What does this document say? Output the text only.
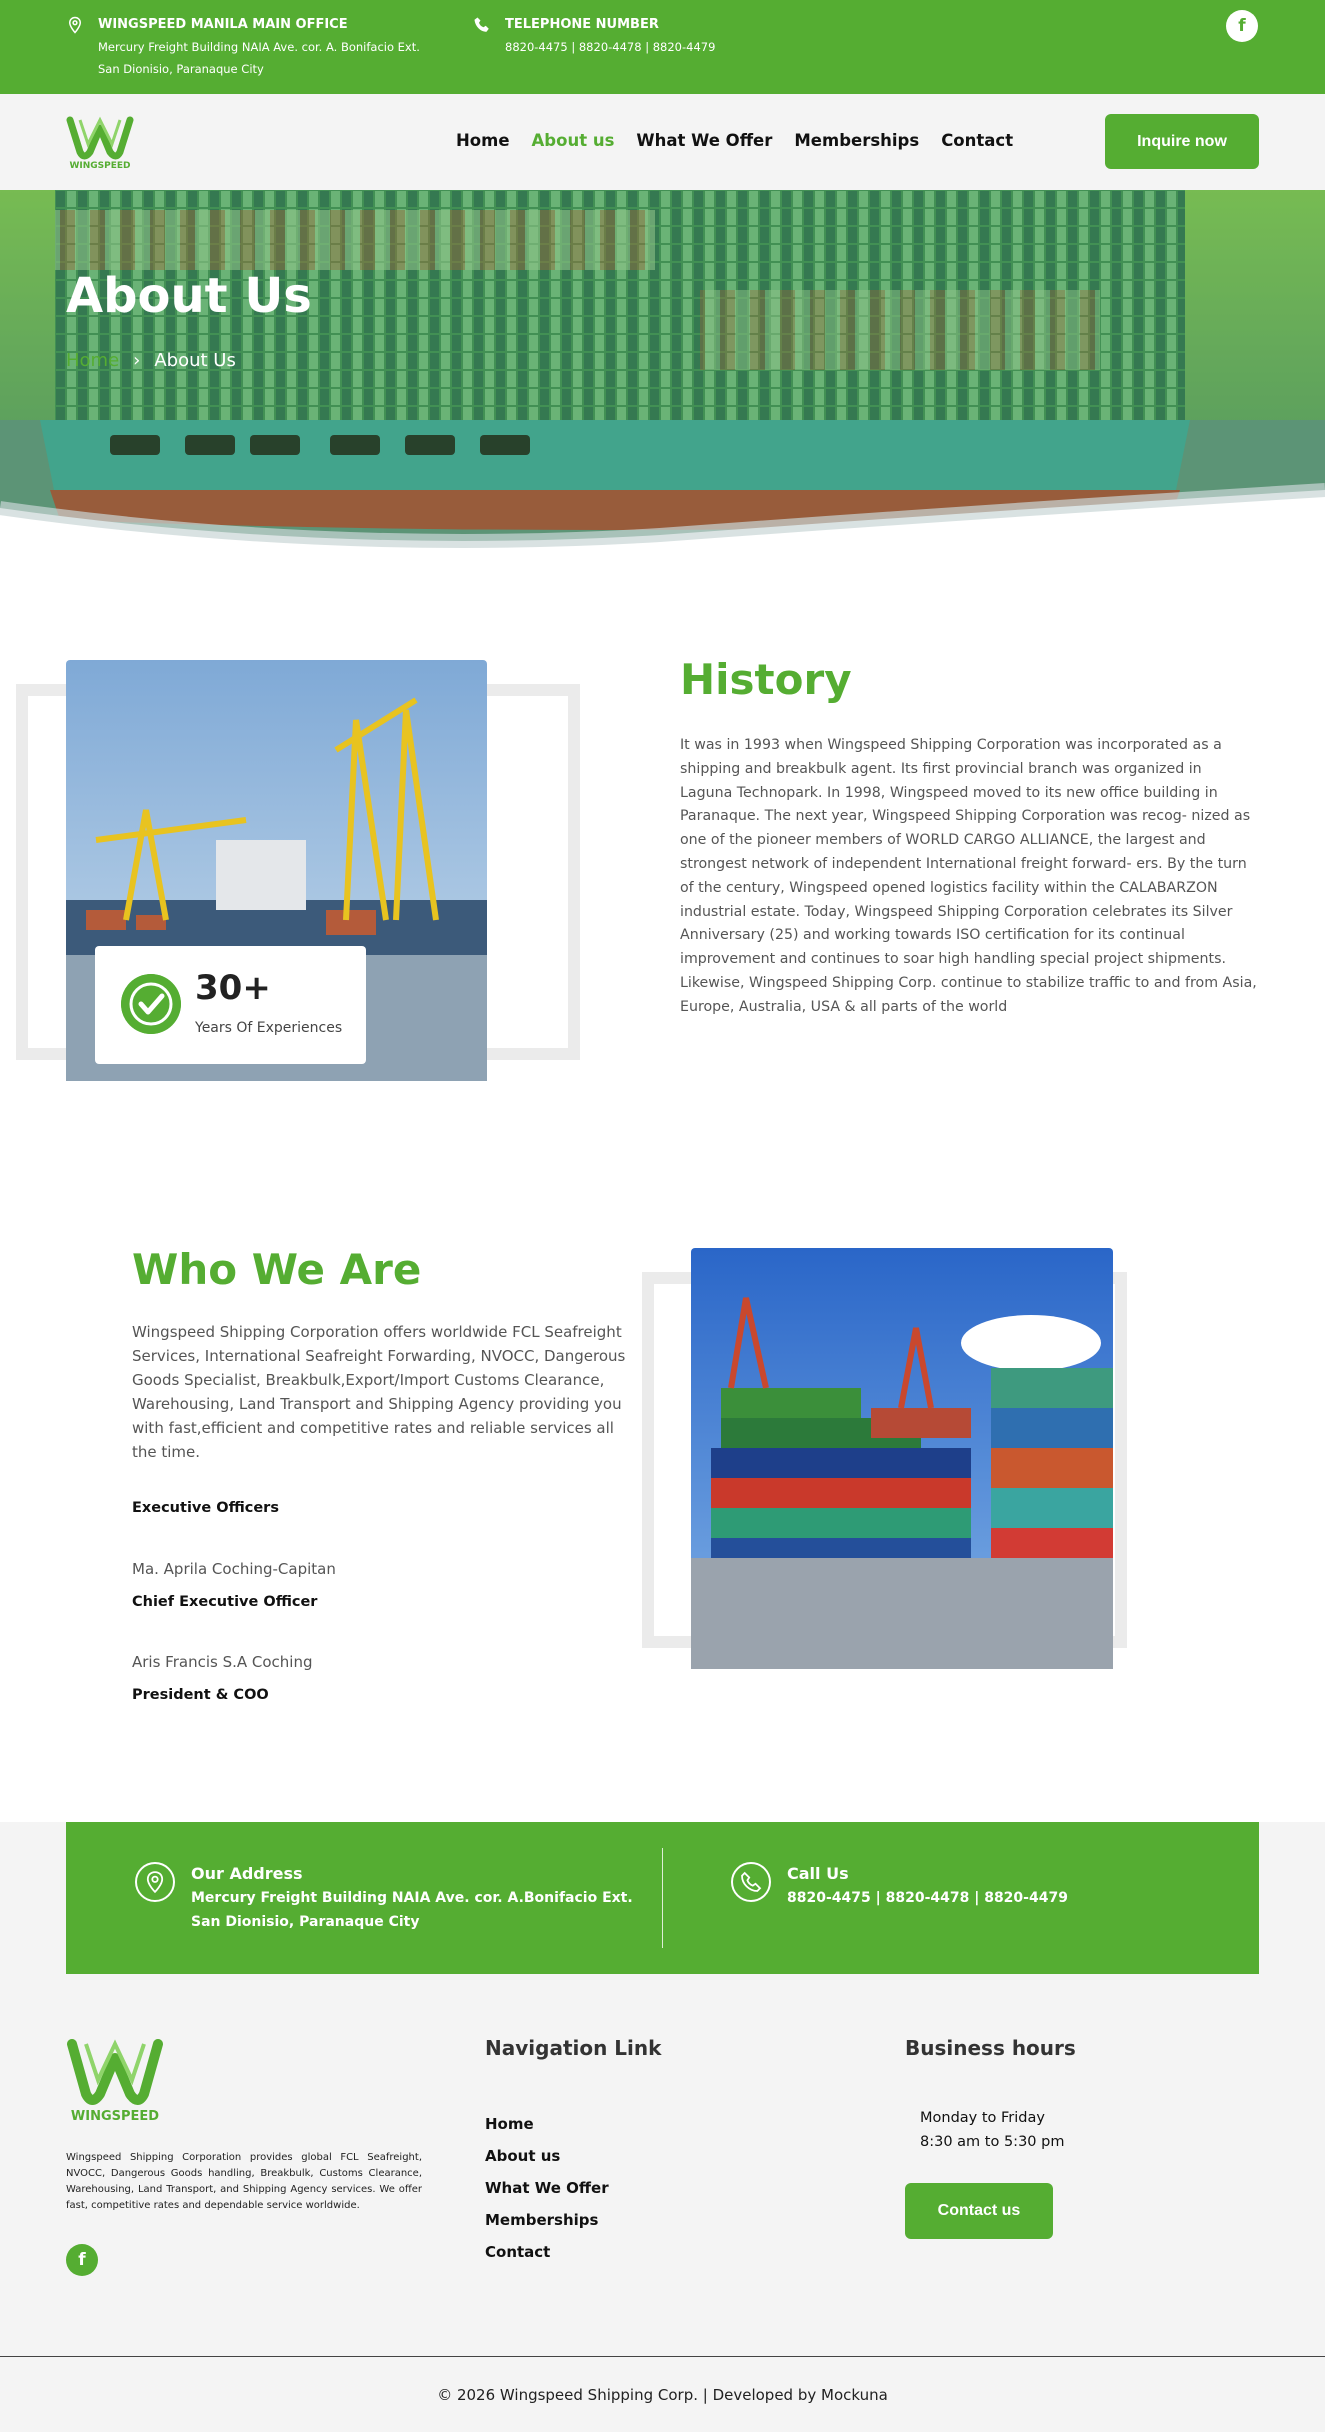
WINGSPEED MANILA MAIN OFFICE
Mercury Freight Building NAIA Ave. cor. A. Bonifacio Ext.
San Dionisio, Paranaque City
TELEPHONE NUMBER
8820-4475 | 8820-4478 | 8820-4479
f
WINGSPEED
Home About us What We Offer Memberships Contact	Inquire now
About Us
Home › About Us
30+
Years Of Experiences
History
It was in 1993 when Wingspeed Shipping Corporation was incorporated as a shipping and breakbulk agent. Its first provincial branch was organized in Laguna Technopark. In 1998, Wingspeed moved to its new office building in Paranaque. The next year, Wingspeed Shipping Corporation was recog- nized as one of the pioneer members of WORLD CARGO ALLIANCE, the largest and strongest network of independent International freight forward- ers. By the turn of the century, Wingspeed opened logistics facility within the CALABARZON industrial estate. Today, Wingspeed Shipping Corporation celebrates its Silver Anniversary (25) and working towards ISO certification for its continual improvement and continues to soar high handling special project shipments. Likewise, Wingspeed Shipping Corp. continue to stabilize traffic to and from Asia, Europe, Australia, USA & all parts of the world
Who We Are
Wingspeed Shipping Corporation offers worldwide FCL Seafreight Services, International Seafreight Forwarding, NVOCC, Dangerous Goods Specialist, Breakbulk,Export/Import Customs Clearance, Warehousing, Land Transport and Shipping Agency providing you with fast,efficient and competitive rates and reliable services all the time.
Executive Officers
Ma. Aprila Coching-Capitan
Chief Executive Officer
Aris Francis S.A Coching
President & COO
Our Address
Mercury Freight Building NAIA Ave. cor. A.Bonifacio Ext.
San Dionisio, Paranaque City
Call Us
8820-4475 | 8820-4478 | 8820-4479
WINGSPEED
Wingspeed Shipping Corporation provides global FCL Seafreight, NVOCC, Dangerous Goods handling, Breakbulk, Customs Clearance, Warehousing, Land Transport, and Shipping Agency services. We offer fast, competitive rates and dependable service worldwide.
f
Navigation Link
Home
About us
What We Offer
Memberships
Contact
Business hours
Monday to Friday
8:30 am to 5:30 pm
Contact us
© 2026 Wingspeed Shipping Corp. | Developed by Mockuna
